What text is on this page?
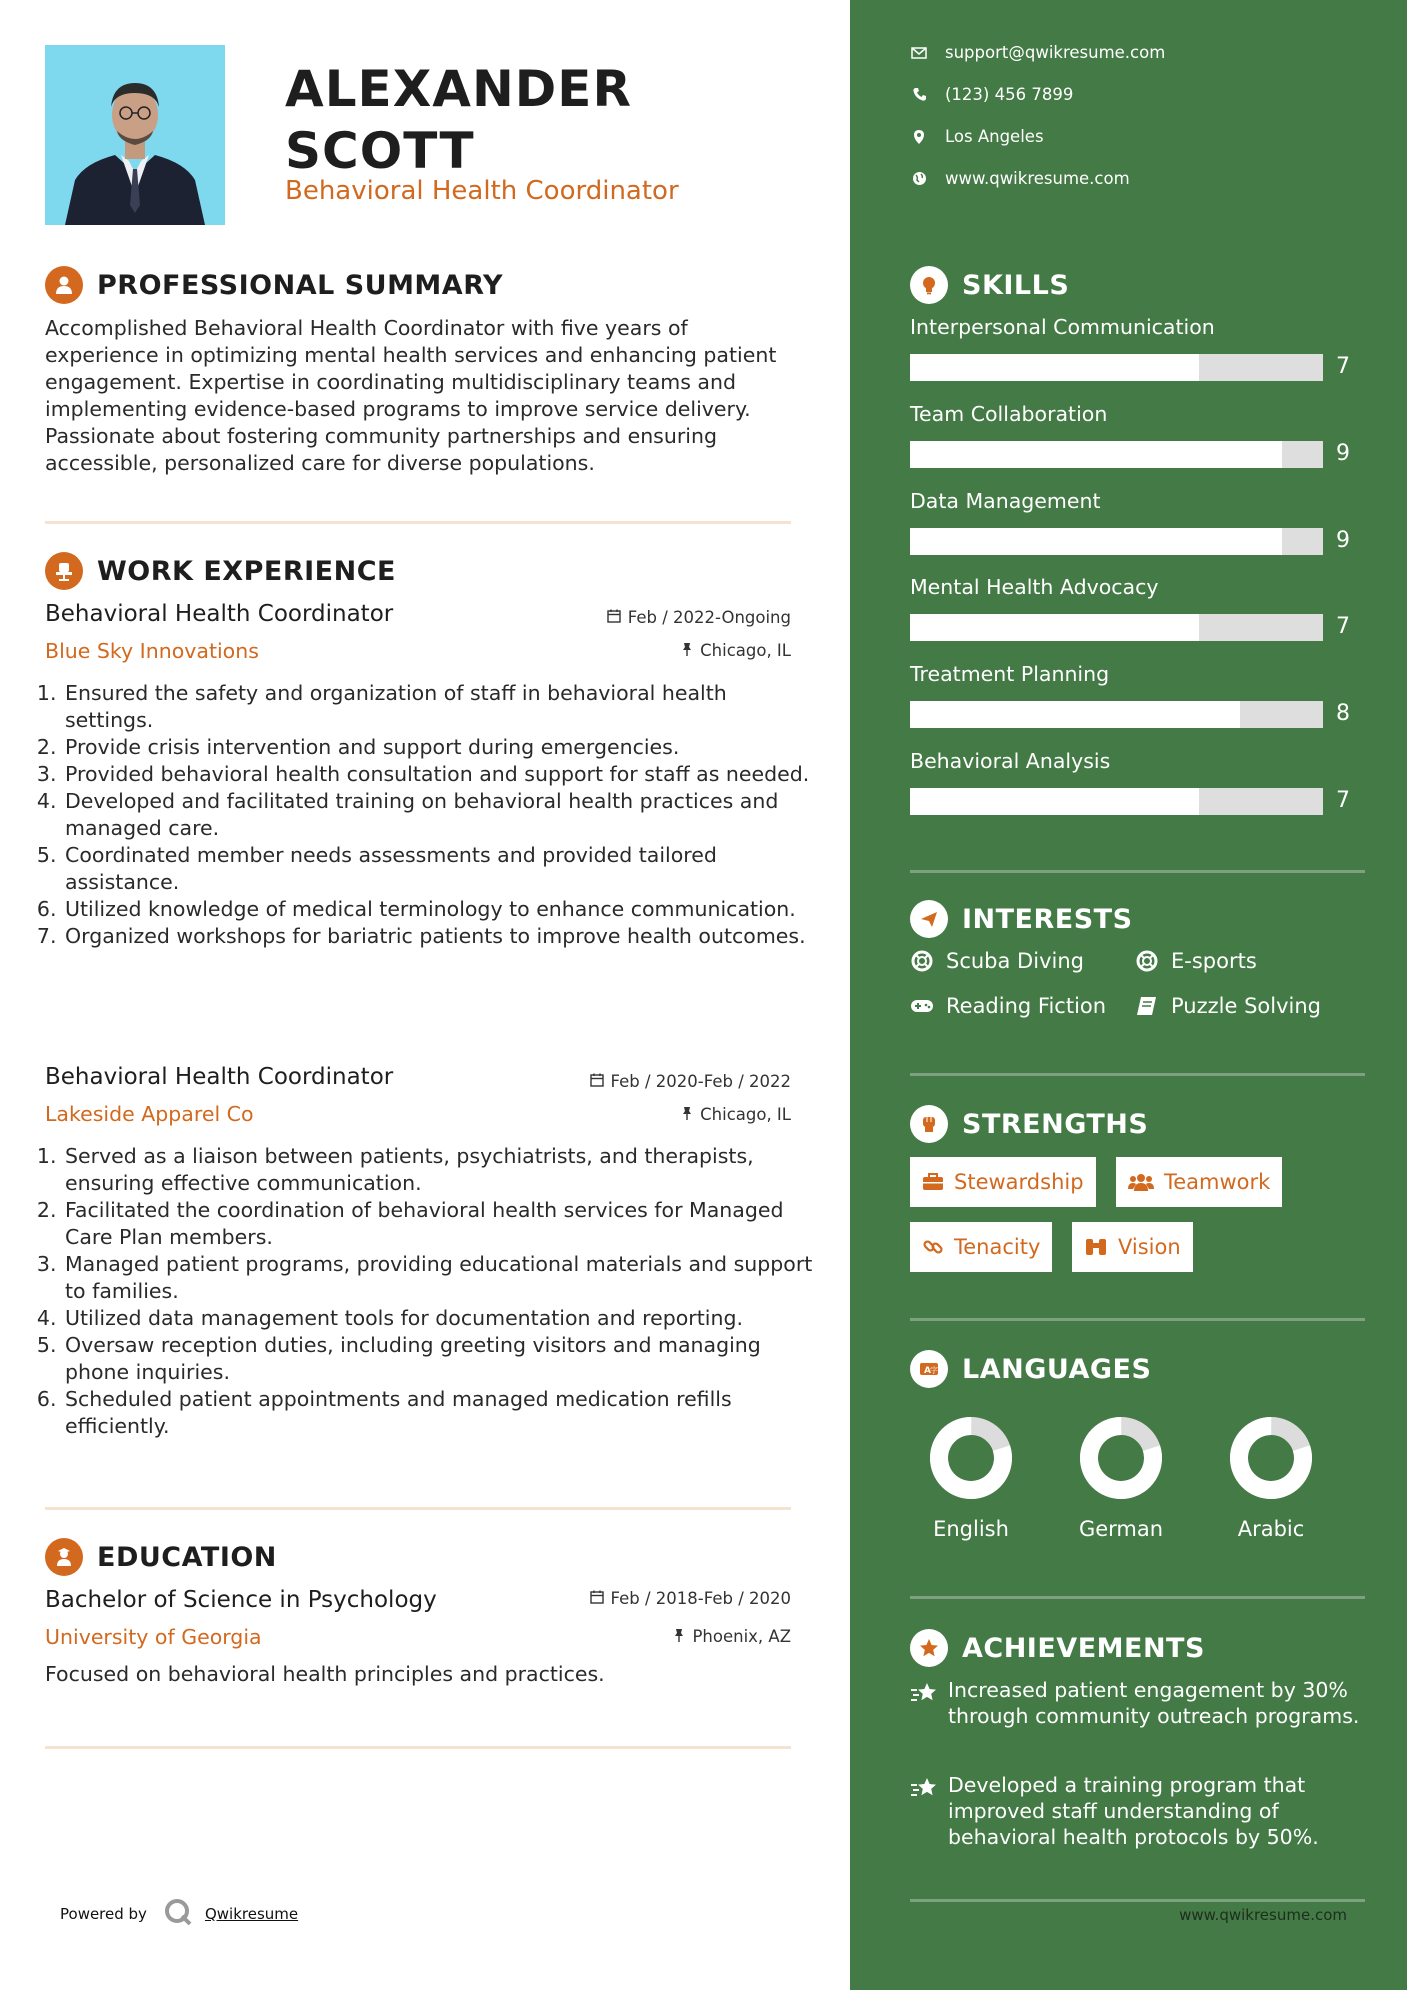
ALEXANDER
SCOTT
Behavioral Health Coordinator
PROFESSIONAL SUMMARY
Accomplished Behavioral Health Coordinator with five years of experience in optimizing mental health services and enhancing patient engagement. Expertise in coordinating multidisciplinary teams and implementing evidence-based programs to improve service delivery. Passionate about fostering community partnerships and ensuring accessible, personalized care for diverse populations.
WORK EXPERIENCE
Behavioral Health Coordinator	Feb / 2022-Ongoing
Blue Sky Innovations	Chicago, IL
1. Ensured the safety and organization of staff in behavioral health settings.
2. Provide crisis intervention and support during emergencies.
3. Provided behavioral health consultation and support for staff as needed.
4. Developed and facilitated training on behavioral health practices and managed care.
5. Coordinated member needs assessments and provided tailored assistance.
6. Utilized knowledge of medical terminology to enhance communication.
7. Organized workshops for bariatric patients to improve health outcomes.
Behavioral Health Coordinator	Feb / 2020-Feb / 2022
Lakeside Apparel Co	Chicago, IL
1. Served as a liaison between patients, psychiatrists, and therapists, ensuring effective communication.
2. Facilitated the coordination of behavioral health services for Managed Care Plan members.
3. Managed patient programs, providing educational materials and support to families.
4. Utilized data management tools for documentation and reporting.
5. Oversaw reception duties, including greeting visitors and managing phone inquiries.
6. Scheduled patient appointments and managed medication refills efficiently.
EDUCATION
Bachelor of Science in Psychology	Feb / 2018-Feb / 2020
University of Georgia	Phoenix, AZ
Focused on behavioral health principles and practices.
Powered by	Qwikresume
support@qwikresume.com
(123) 456 7899
Los Angeles
www.qwikresume.com
SKILLS
Interpersonal Communication
7
Team Collaboration
9
Data Management
9
Mental Health Advocacy
7
Treatment Planning
8
Behavioral Analysis
7
INTERESTS
Scuba Diving	E-sports
Reading Fiction	Puzzle Solving
STRENGTHS
Stewardship	Teamwork
Tenacity	Vision
A 字 LANGUAGES
English	German	Arabic
ACHIEVEMENTS
Increased patient engagement by 30% through community outreach programs.
Developed a training program that improved staff understanding of behavioral health protocols by 50%.
www.qwikresume.com
